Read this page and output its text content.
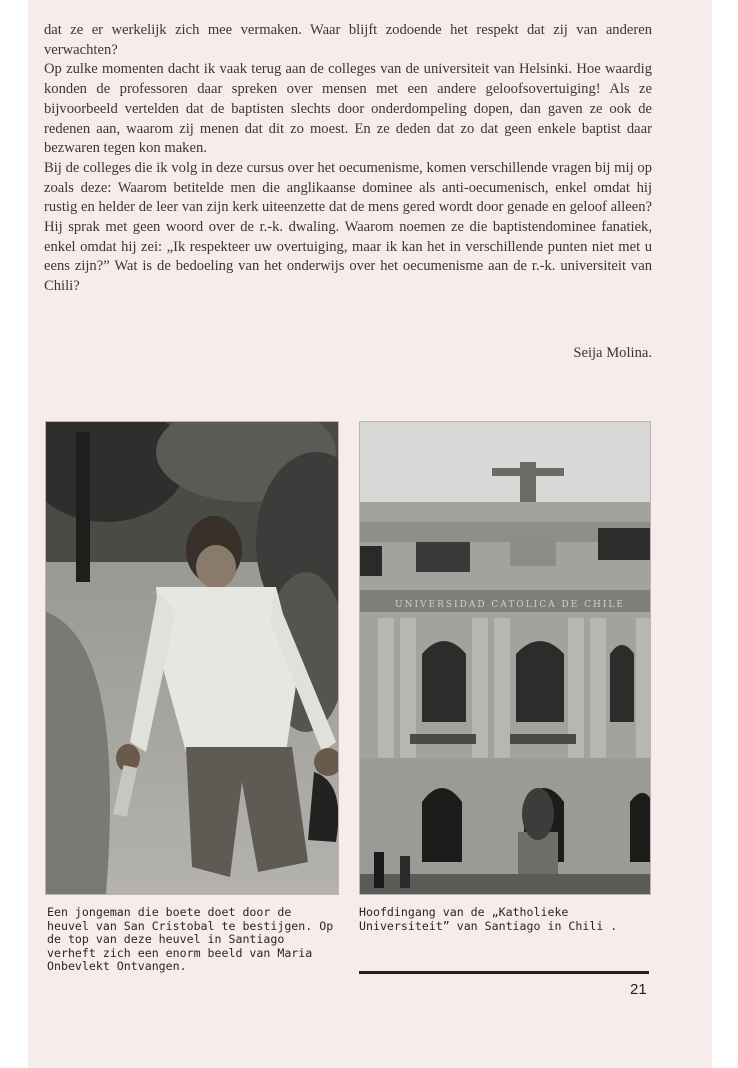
dat ze er werkelijk zich mee vermaken. Waar blijft zodoende het respekt dat zij van anderen verwachten?

Op zulke momenten dacht ik vaak terug aan de colleges van de universiteit van Helsinki. Hoe waardig konden de professoren daar spreken over mensen met een andere geloofsovertuiging! Als ze bijvoorbeeld vertelden dat de baptisten slechts door onderdompeling dopen, dan gaven ze ook de redenen aan, waarom zij menen dat dit zo moest. En ze deden dat zo dat geen enkele baptist daar bezwaren tegen kon maken.

Bij de colleges die ik volg in deze cursus over het oecumenisme, komen verschillende vragen bij mij op zoals deze: Waarom betitelde men die anglikaanse dominee als anti-oecumenisch, enkel omdat hij rustig en helder de leer van zijn kerk uiteenzette dat de mens gered wordt door genade en geloof alleen? Hij sprak met geen woord over de r.-k. dwaling. Waarom noemen ze die baptistendominee fanatiek, enkel omdat hij zei: „Ik respekteer uw overtuiging, maar ik kan het in verschillende punten niet met u eens zijn?” Wat is de bedoeling van het onderwijs over het oecumenisme aan de r.-k. universiteit van Chili?

Seija Molina.
UNIVERSIDAD CATOLICA DE CHILE
Een jongeman die boete doet door de heuvel van San Cristobal te bestijgen. Op de top van deze heuvel in Santiago verheft zich een enorm beeld van Maria Onbevlekt Ontvangen.
Hoofdingang van de „Katholieke Universiteit” van Santiago in Chili .
21
